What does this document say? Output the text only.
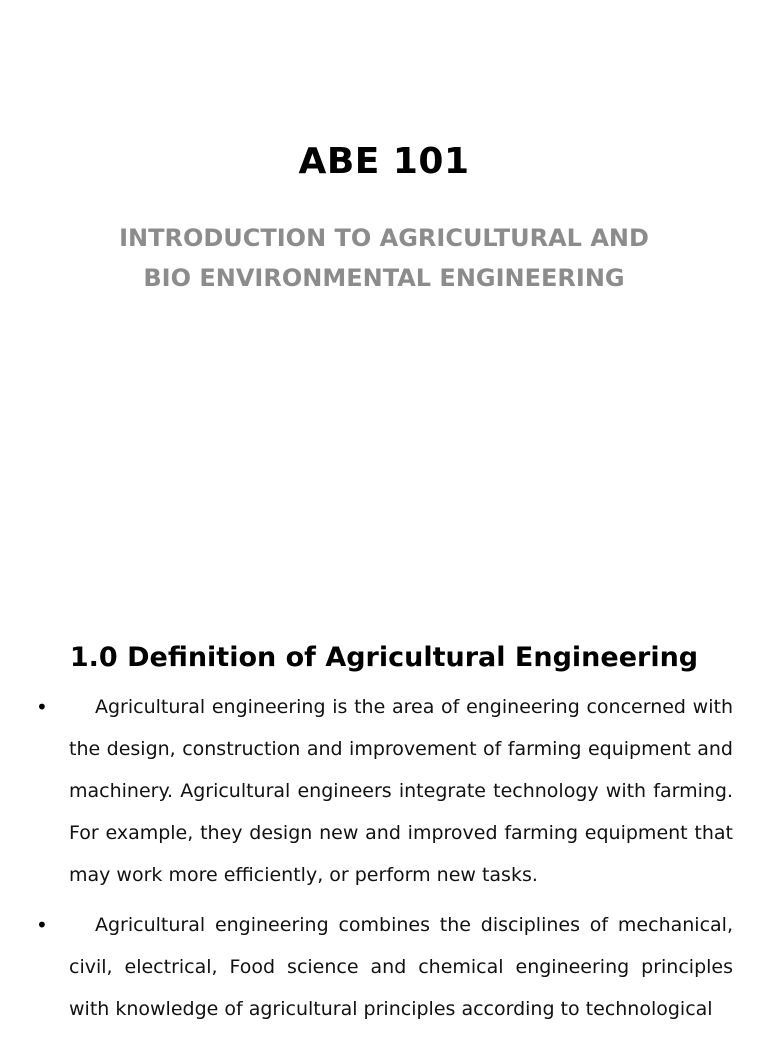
ABE 101
INTRODUCTION TO AGRICULTURAL AND BIO ENVIRONMENTAL ENGINEERING
1.0 Definition of Agricultural Engineering
•	Agricultural engineering is the area of engineering concerned with the design, construction and improvement of farming equipment and machinery. Agricultural engineers integrate technology with farming. For example, they design new and improved farming equipment that may work more efficiently, or perform new tasks.
•	Agricultural engineering combines the disciplines of mechanical, civil, electrical, Food science and chemical engineering principles with knowledge of agricultural principles according to technological
